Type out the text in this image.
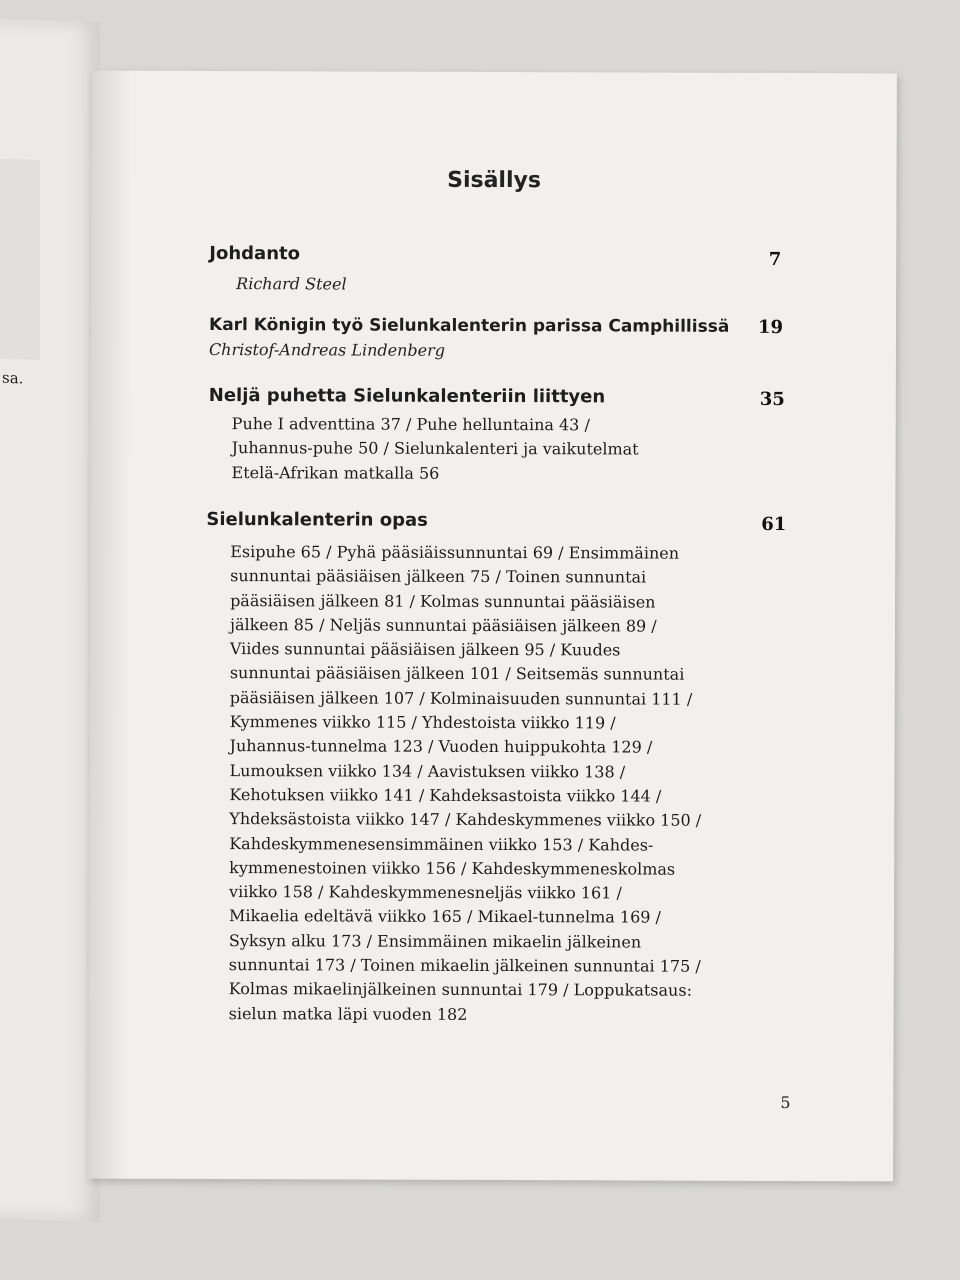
sa.
Sisällys
Johdanto	7
Richard Steel
Karl Königin työ Sielunkalenterin parissa Camphillissä	19
Christof-Andreas Lindenberg
Neljä puhetta Sielunkalenteriin liittyen	35
Puhe I adventtina 37 / Puhe helluntaina 43 /
Juhannus-puhe 50 / Sielunkalenteri ja vaikutelmat
Etelä-Afrikan matkalla 56
Sielunkalenterin opas	61
Esipuhe 65 / Pyhä pääsiäissunnuntai 69 / Ensimmäinen
sunnuntai pääsiäisen jälkeen 75 / Toinen sunnuntai
pääsiäisen jälkeen 81 / Kolmas sunnuntai pääsiäisen
jälkeen 85 / Neljäs sunnuntai pääsiäisen jälkeen 89 /
Viides sunnuntai pääsiäisen jälkeen 95 / Kuudes
sunnuntai pääsiäisen jälkeen 101 / Seitsemäs sunnuntai
pääsiäisen jälkeen 107 / Kolminaisuuden sunnuntai 111 /
Kymmenes viikko 115 / Yhdestoista viikko 119 /
Juhannus-tunnelma 123 / Vuoden huippukohta 129 /
Lumouksen viikko 134 / Aavistuksen viikko 138 /
Kehotuksen viikko 141 / Kahdeksastoista viikko 144 /
Yhdeksästoista viikko 147 / Kahdeskymmenes viikko 150 /
Kahdeskymmenesensimmäinen viikko 153 / Kahdes-
kymmenestoinen viikko 156 / Kahdeskymmeneskolmas
viikko 158 / Kahdeskymmenesneljäs viikko 161 /
Mikaelia edeltävä viikko 165 / Mikael-tunnelma 169 /
Syksyn alku 173 / Ensimmäinen mikaelin jälkeinen
sunnuntai 173 / Toinen mikaelin jälkeinen sunnuntai 175 /
Kolmas mikaelinjälkeinen sunnuntai 179 / Loppukatsaus:
sielun matka läpi vuoden 182
5
